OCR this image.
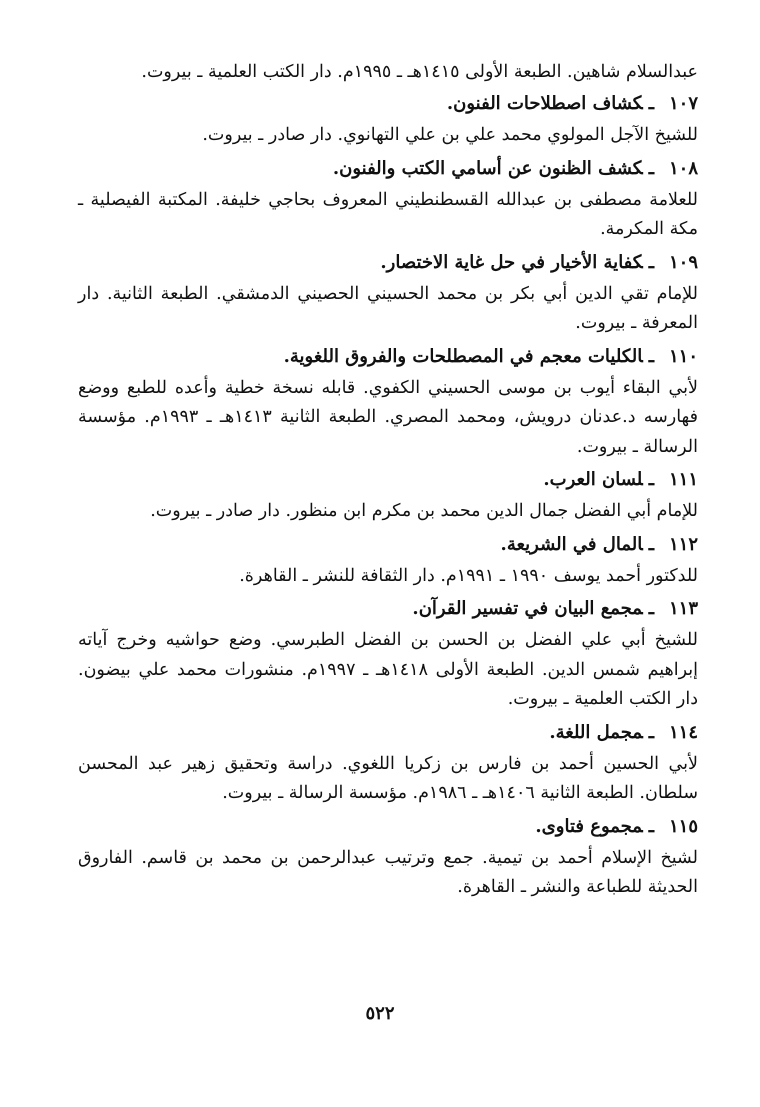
عبدالسلام شاهين. الطبعة الأولى ١٤١٥هـ ـ ١٩٩٥م. دار الكتب العلمية ـ بيروت.

١٠٧ـكشاف اصطلاحات الفنون.

للشيخ الآجل المولوي محمد علي بن علي التهانوي. دار صادر ـ بيروت.

١٠٨ـكشف الظنون عن أسامي الكتب والفنون.

للعلامة مصطفى بن عبدالله القسطنطيني المعروف بحاجي خليفة. المكتبة الفيصلية ـ مكة المكرمة.

١٠٩ـكفاية الأخيار في حل غاية الاختصار.

للإمام تقي الدين أبي بكر بن محمد الحسيني الحصيني الدمشقي. الطبعة الثانية. دار المعرفة ـ بيروت.

١١٠ـالكليات معجم في المصطلحات والفروق اللغوية.

لأبي البقاء أيوب بن موسى الحسيني الكفوي. قابله نسخة خطية وأعده للطبع ووضع فهارسه د.عدنان درويش، ومحمد المصري. الطبعة الثانية ١٤١٣هـ ـ ١٩٩٣م. مؤسسة الرسالة ـ بيروت.

١١١ـلسان العرب.

للإمام أبي الفضل جمال الدين محمد بن مكرم ابن منظور. دار صادر ـ بيروت.

١١٢ـالمال في الشريعة.

للدكتور أحمد يوسف ١٩٩٠ ـ ١٩٩١م. دار الثقافة للنشر ـ القاهرة.

١١٣ـمجمع البيان في تفسير القرآن.

للشيخ أبي علي الفضل بن الحسن بن الفضل الطبرسي. وضع حواشيه وخرج آياته إبراهيم شمس الدين. الطبعة الأولى ١٤١٨هـ ـ ١٩٩٧م. منشورات محمد علي بيضون. دار الكتب العلمية ـ بيروت.

١١٤ـمجمل اللغة.

لأبي الحسين أحمد بن فارس بن زكريا اللغوي. دراسة وتحقيق زهير عبد المحسن سلطان. الطبعة الثانية ١٤٠٦هـ ـ ١٩٨٦م. مؤسسة الرسالة ـ بيروت.

١١٥ـمجموع فتاوى.

لشيخ الإسلام أحمد بن تيمية. جمع وترتيب عبدالرحمن بن محمد بن قاسم. الفاروق الحديثة للطباعة والنشر ـ القاهرة.

٥٢٢
